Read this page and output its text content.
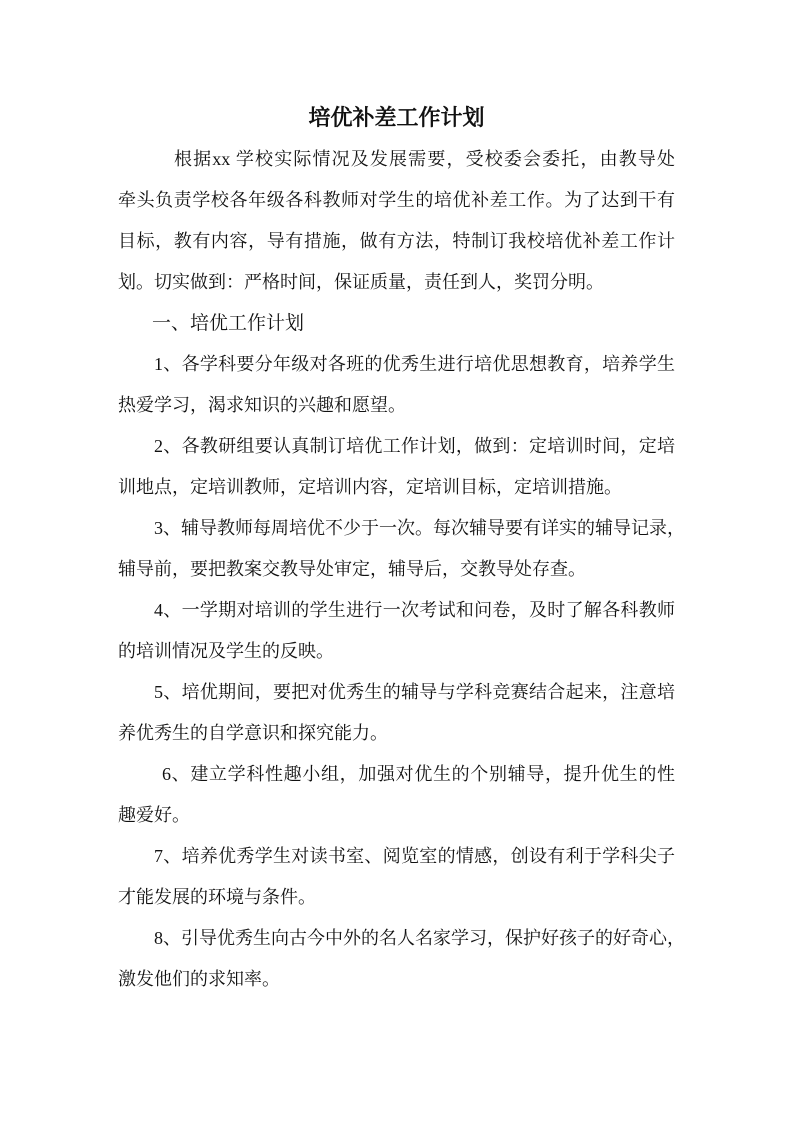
培优补差工作计划
根据xx 学校实际情况及发展需要，受校委会委托，由教导处
牵头负责学校各年级各科教师对学生的培优补差工作。为了达到干有
目标，教有内容，导有措施，做有方法，特制订我校培优补差工作计
划。切实做到：严格时间，保证质量，责任到人，奖罚分明。
一、培优工作计划
1、各学科要分年级对各班的优秀生进行培优思想教育，培养学生
热爱学习，渴求知识的兴趣和愿望。
2、各教研组要认真制订培优工作计划，做到：定培训时间，定培
训地点，定培训教师，定培训内容，定培训目标，定培训措施。
3、辅导教师每周培优不少于一次。每次辅导要有详实的辅导记录，
辅导前，要把教案交教导处审定，辅导后，交教导处存查。
4、一学期对培训的学生进行一次考试和问卷，及时了解各科教师
的培训情况及学生的反映。
5、培优期间，要把对优秀生的辅导与学科竞赛结合起来，注意培
养优秀生的自学意识和探究能力。
6、建立学科性趣小组，加强对优生的个别辅导，提升优生的性
趣爱好。
7、培养优秀学生对读书室、阅览室的情感，创设有利于学科尖子
才能发展的环境与条件。
8、引导优秀生向古今中外的名人名家学习，保护好孩子的好奇心，
激发他们的求知率。
